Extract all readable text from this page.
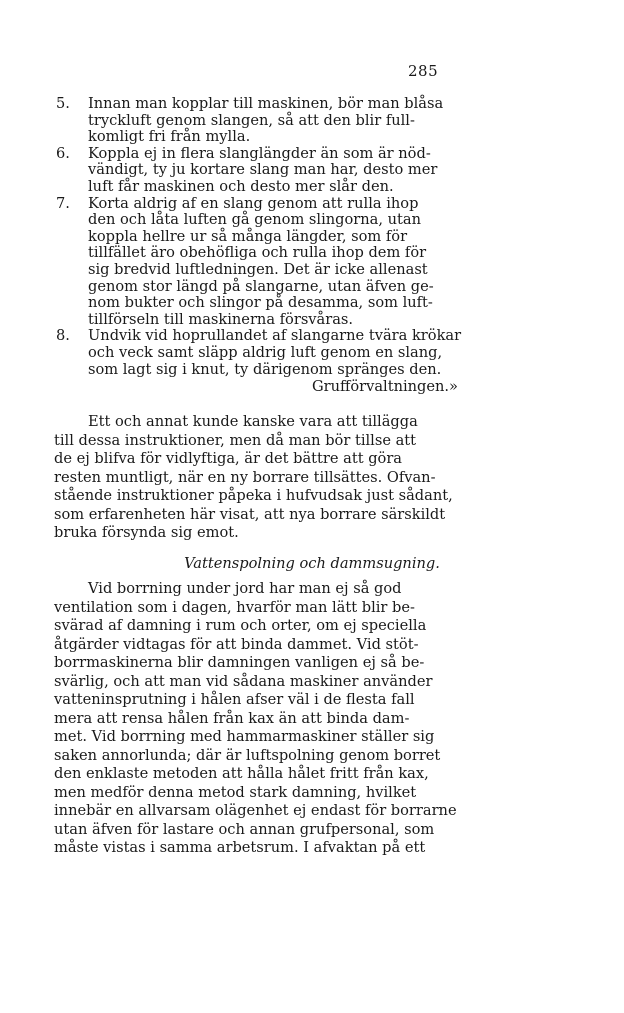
285
5. Innan man kopplar till maskinen, bör man blåsa
tryckluft genom slangen, så att den blir full-
komligt fri från mylla.
6. Koppla ej in flera slanglängder än som är nöd-
vändigt, ty ju kortare slang man har, desto mer
luft får maskinen och desto mer slår den.
7. Korta aldrig af en slang genom att rulla ihop
den och låta luften gå genom slingorna, utan
koppla hellre ur så många längder, som för
tillfället äro obehöfliga och rulla ihop dem för
sig bredvid luftledningen. Det är icke allenast
genom stor längd på slangarne, utan äfven ge-
nom bukter och slingor på desamma, som luft-
tillförseln till maskinerna försvåras.
8. Undvik vid hoprullandet af slangarne tvära krökar
och veck samt släpp aldrig luft genom en slang,
som lagt sig i knut, ty därigenom spränges den.
Grufförvaltningen.»
Ett och annat kunde kanske vara att tillägga
till dessa instruktioner, men då man bör tillse att
de ej blifva för vidlyftiga, är det bättre att göra
resten muntligt, när en ny borrare tillsättes. Ofvan-
stående instruktioner påpeka i hufvudsak just sådant,
som erfarenheten här visat, att nya borrare särskildt
bruka försynda sig emot.
Vattenspolning och dammsugning.
Vid borrning under jord har man ej så god
ventilation som i dagen, hvarför man lätt blir be-
svärad af damning i rum och orter, om ej speciella
åtgärder vidtagas för att binda dammet. Vid stöt-
borrmaskinerna blir damningen vanligen ej så be-
svärlig, och att man vid sådana maskiner använder
vatteninsprutning i hålen afser väl i de flesta fall
mera att rensa hålen från kax än att binda dam-
met. Vid borrning med hammarmaskiner ställer sig
saken annorlunda; där är luftspolning genom borret
den enklaste metoden att hålla hålet fritt från kax,
men medför denna metod stark damning, hvilket
innebär en allvarsam olägenhet ej endast för borrarne
utan äfven för lastare och annan grufpersonal, som
måste vistas i samma arbetsrum. I afvaktan på ett
